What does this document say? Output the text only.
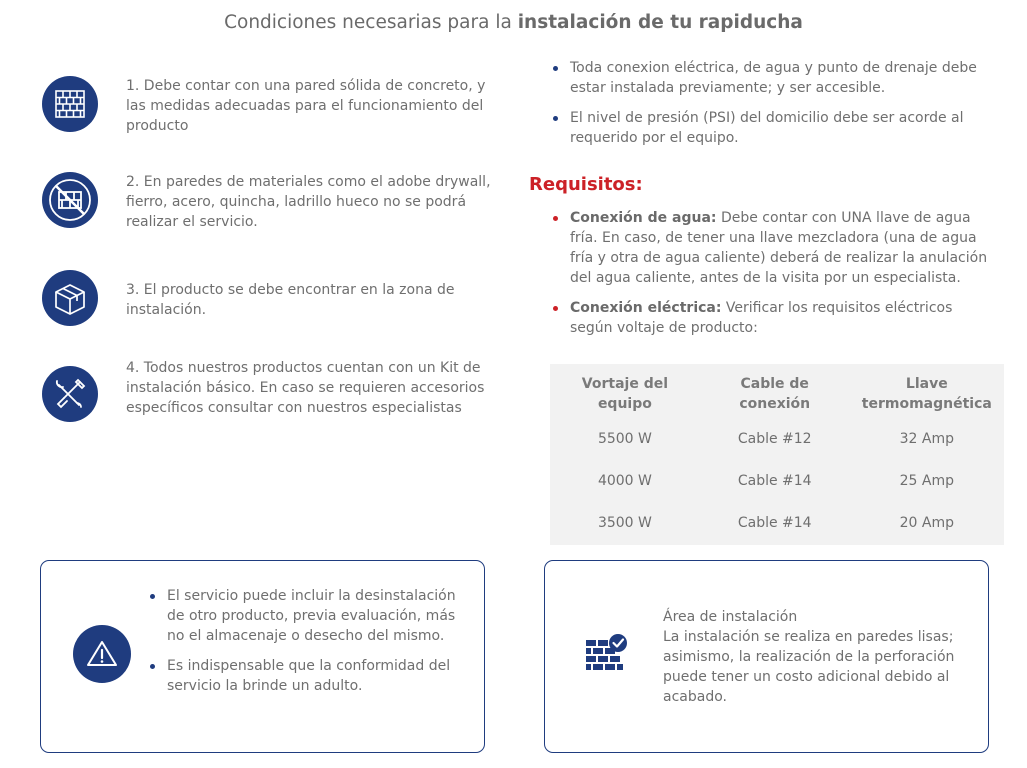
Condiciones necesarias para la instalación de tu rapiducha
1. Debe contar con una pared sólida de concreto, y las medidas adecuadas para el funcionamiento del producto
2. En paredes de materiales como el adobe drywall, fierro, acero, quincha, ladrillo hueco no se podrá realizar el servicio.
3. El producto se debe encontrar en la zona de instalación.
4. Todos nuestros productos cuentan con un Kit de instalación básico. En caso se requieren accesorios específicos consultar con nuestros especialistas
Toda conexion eléctrica, de agua y punto de drenaje debe estar instalada previamente; y ser accesible.
El nivel de presión (PSI) del domicilio debe ser acorde al requerido por el equipo.
Requisitos:
Conexión de agua: Debe contar con UNA llave de agua fría. En caso, de tener una llave mezcladora (una de agua fría y otra de agua caliente) deberá de realizar la anulación del agua caliente, antes de la visita por un especialista.
Conexión eléctrica: Verificar los requisitos eléctricos según voltaje de producto:
Vortaje del equipo	Cable de conexión	Llave termomagnética
5500 W	Cable #12	32 Amp
4000 W	Cable #14	25 Amp
3500 W	Cable #14	20 Amp
El servicio puede incluir la desinstalación de otro producto, previa evaluación, más no el almacenaje o desecho del mismo.
Es indispensable que la conformidad del servicio la brinde un adulto.
Área de instalación
La instalación se realiza en paredes lisas; asimismo, la realización de la perforación puede tener un costo adicional debido al acabado.
